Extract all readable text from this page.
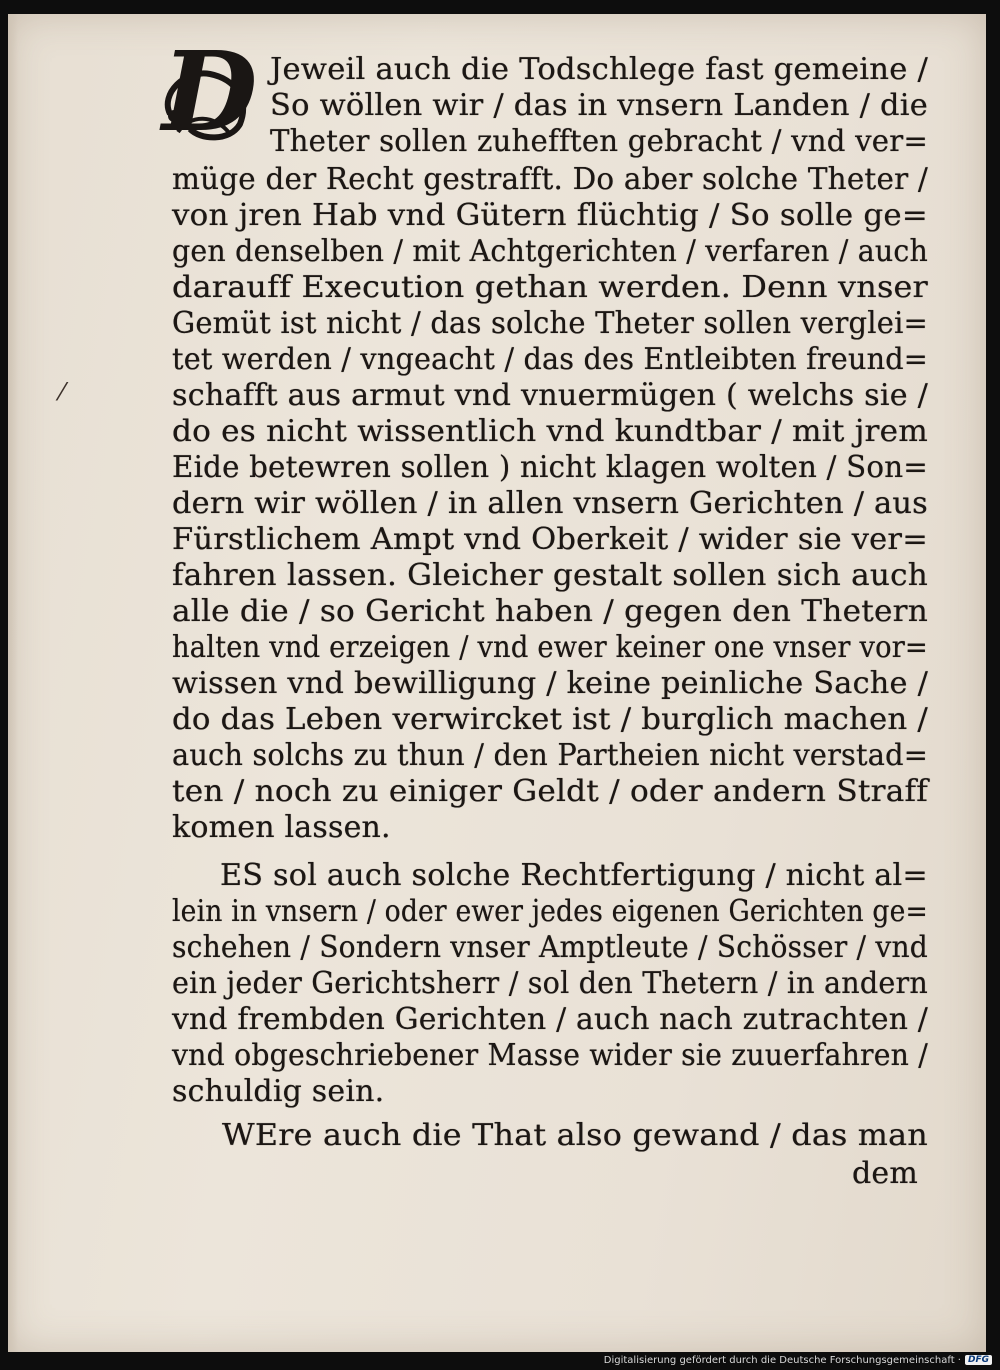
D Jeweil auch die Todschlege fast gemeine /
So wöllen wir / das in vnsern Landen / die
Theter sollen zuhefften gebracht / vnd ver=
müge der Recht gestrafft. Do aber solche Theter /
von jren Hab vnd Gütern flüchtig / So solle ge=
gen denselben / mit Achtgerichten / verfaren / auch
darauff Execution gethan werden. Denn vnser
Gemüt ist nicht / das solche Theter sollen verglei=
tet werden / vngeacht / das des Entleibten freund=
schafft aus armut vnd vnuermügen ( welchs sie /
do es nicht wissentlich vnd kundtbar / mit jrem
Eide betewren sollen ) nicht klagen wolten / Son=
dern wir wöllen / in allen vnsern Gerichten / aus
Fürstlichem Ampt vnd Oberkeit / wider sie ver=
fahren lassen. Gleicher gestalt sollen sich auch
alle die / so Gericht haben / gegen den Thetern
halten vnd erzeigen / vnd ewer keiner one vnser vor=
wissen vnd bewilligung / keine peinliche Sache /
do das Leben verwircket ist / burglich machen /
auch solchs zu thun / den Partheien nicht verstad=
ten / noch zu einiger Geldt / oder andern Straff
komen lassen.
ES sol auch solche Rechtfertigung / nicht al=
lein in vnsern / oder ewer jedes eigenen Gerichten ge=
schehen / Sondern vnser Amptleute / Schösser / vnd
ein jeder Gerichtsherr / sol den Thetern / in andern
vnd frembden Gerichten / auch nach zutrachten /
vnd obgeschriebener Masse wider sie zuuerfahren /
schuldig sein.
WEre auch die That also gewand / das man
dem
⁄
Digitalisierung gefördert durch die Deutsche Forschungsgemeinschaft · DFG
